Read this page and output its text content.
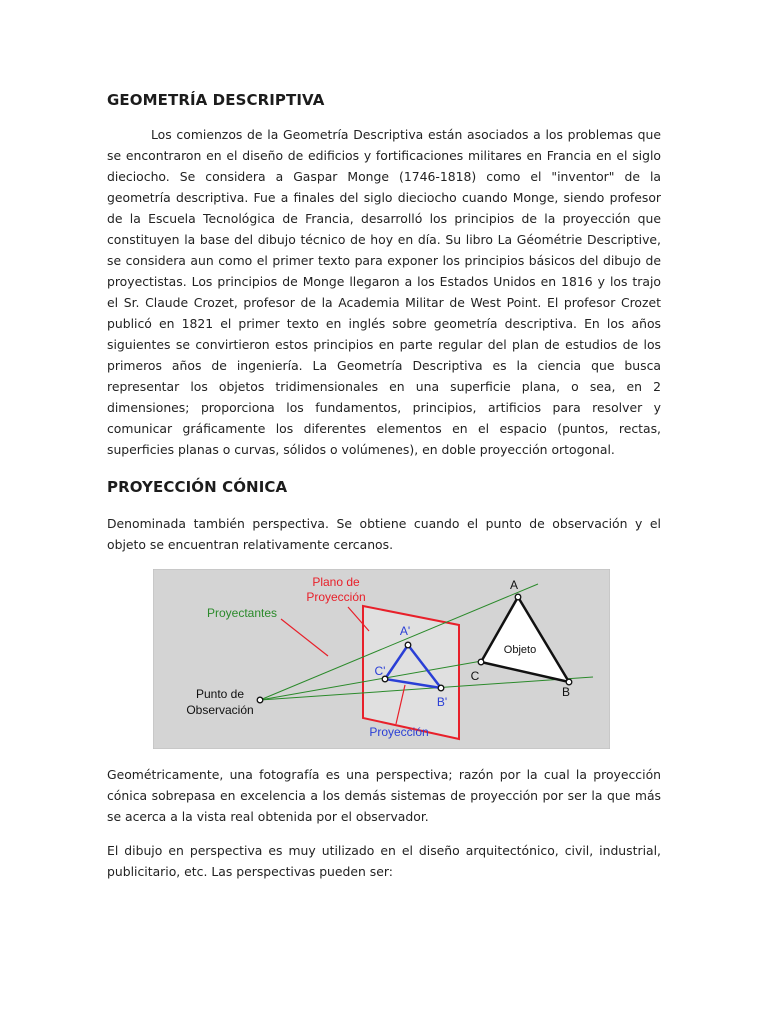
GEOMETRÍA DESCRIPTIVA
Los comienzos de la Geometría Descriptiva están asociados a los problemas que se encontraron en el diseño de edificios y fortificaciones militares en Francia en el siglo dieciocho. Se considera a Gaspar Monge (1746-1818) como el "inventor" de la geometría descriptiva. Fue a finales del siglo dieciocho cuando Monge, siendo profesor de la Escuela Tecnológica de Francia, desarrolló los principios de la proyección que constituyen la base del dibujo técnico de hoy en día. Su libro La Géométrie Descriptive, se considera aun como el primer texto para exponer los principios básicos del dibujo de proyectistas. Los principios de Monge llegaron a los Estados Unidos en 1816 y los trajo el Sr. Claude Crozet, profesor de la Academia Militar de West Point. El profesor Crozet publicó en 1821 el primer texto en inglés sobre geometría descriptiva. En los años siguientes se convirtieron estos principios en parte regular del plan de estudios de los primeros años de ingeniería. La Geometría Descriptiva es la ciencia que busca representar los objetos tridimensionales en una superficie plana, o sea, en 2 dimensiones; proporciona los fundamentos, principios, artificios para resolver y comunicar gráficamente los diferentes elementos en el espacio (puntos, rectas, superficies planas o curvas, sólidos o volúmenes), en doble proyección ortogonal.
PROYECCIÓN CÓNICA
Denominada también perspectiva. Se obtiene cuando el punto de observación y el objeto se encuentran relativamente cercanos.
Plano de
Proyección
Proyectantes
Punto de
Observación
Proyección
Objeto
A
B
C
A'
B'
C'
Geométricamente, una fotografía es una perspectiva; razón por la cual la proyección cónica sobrepasa en excelencia a los demás sistemas de proyección por ser la que más se acerca a la vista real obtenida por el observador.
El dibujo en perspectiva es muy utilizado en el diseño arquitectónico, civil, industrial, publicitario, etc. Las perspectivas pueden ser:
